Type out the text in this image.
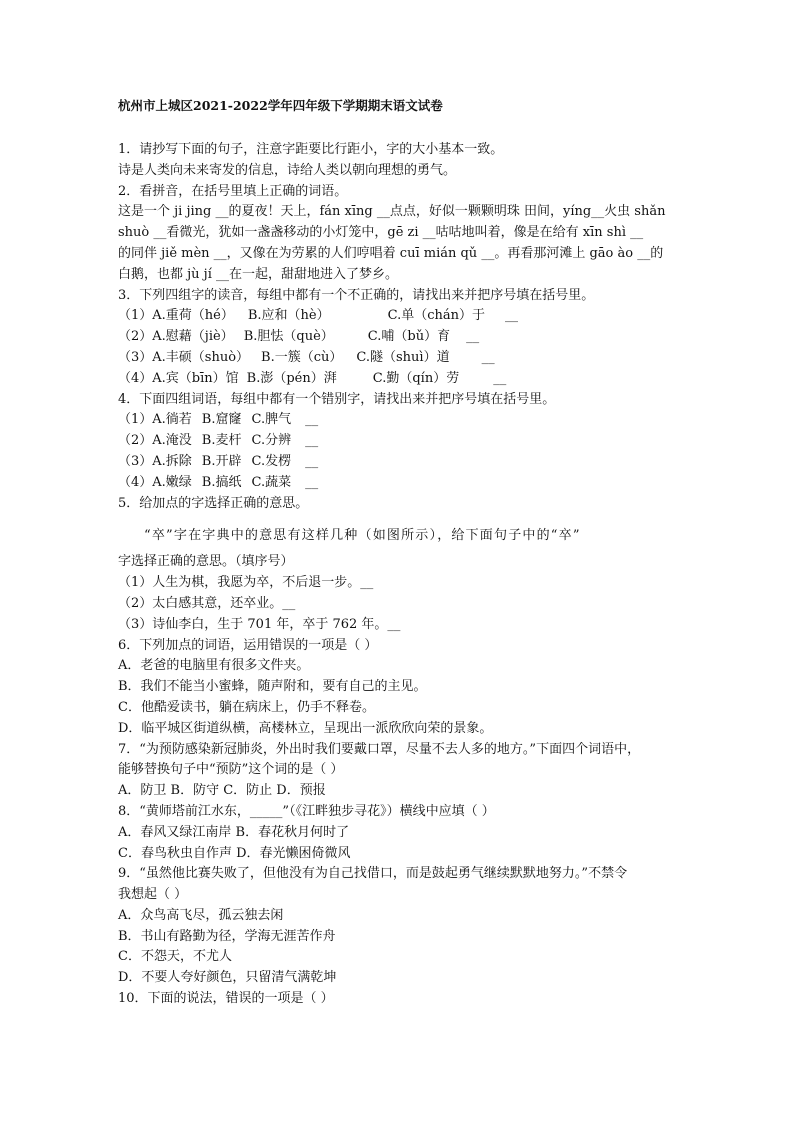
杭州市上城区2021-2022学年四年级下学期期末语文试卷

1．请抄写下面的句子，注意字距要比行距小，字的大小基本一致。

诗是人类向未来寄发的信息，诗给人类以朝向理想的勇气。

2．看拼音，在括号里填上正确的词语。

这是一个 ji jing __的夏夜！天上，fán xīng __点点，好似一颗颗明珠 田间，yíng__火虫 shǎn

shuò __看微光，犹如一盏盏移动的小灯笼中，gē zi __咕咕地叫着，像是在给有 xīn shì __

的同伴 jiě mèn __，又像在为劳累的人们哼唱着 cuī mián qǔ __。再看那河滩上 gāo ào __的

白鹅，也都 jù jí __在一起，甜甜地进入了梦乡。

3．下列四组字的读音，每组中都有一个不正确的，请找出来并把序号填在括号里。

（1）A.重荷（hé） B.应和（hè）	C.单（chán）于 __

（2）A.慰藉（jiè） B.胆怯（què）	C.哺（bǔ）育 __

（3）A.丰硕（shuò） B.一簇（cù） C.隧（shuì）道 __

（4）A.宾（bīn）馆 B.澎（pén）湃	C.勤（qín）劳	__

4．下面四组词语，每组中都有一个错别字，请找出来并把序号填在括号里。

（1）A.徜若 B.窟窿 C.脾气 __

（2）A.淹没 B.麦杆 C.分辨 __

（3）A.拆除 B.开辟 C.发楞 __

（4）A.嫩绿 B.搞纸 C.蔬菜 __

5．给加点的字选择正确的意思。

“卒”字在字典中的意思有这样几种（如图所示），给下面句子中的“卒”

字选择正确的意思。（填序号）

（1）人生为棋，我愿为卒，不后退一步。__

（2）太白感其意，还卒业。__

（3）诗仙李白，生于 701 年，卒于 762 年。__

6．下列加点的词语，运用错误的一项是（ ）

A．老爸的电脑里有很多文件夹。

B．我们不能当小蜜蜂，随声附和，要有自己的主见。

C．他酷爱读书，躺在病床上，仍手不释卷。

D．临平城区街道纵横，高楼林立，呈现出一派欣欣向荣的景象。

7．“为预防感染新冠肺炎，外出时我们要戴口罩，尽量不去人多的地方。”下面四个词语中，

能够替换句子中“预防”这个词的是（ ）

A．防卫 B．防守 C．防止 D．预报

8．“黄师塔前江水东，_____”（《江畔独步寻花》）横线中应填（ ）

A．春风又绿江南岸 B．春花秋月何时了

C．春鸟秋虫自作声 D．春光懒困倚微风

9．“虽然他比赛失败了，但他没有为自己找借口，而是鼓起勇气继续默默地努力。”不禁令

我想起（ ）

A．众鸟高飞尽，孤云独去闲

B．书山有路勤为径，学海无涯苦作舟

C．不怨天，不尤人

D．不要人夸好颜色，只留清气满乾坤

10．下面的说法，错误的一项是（ ）
